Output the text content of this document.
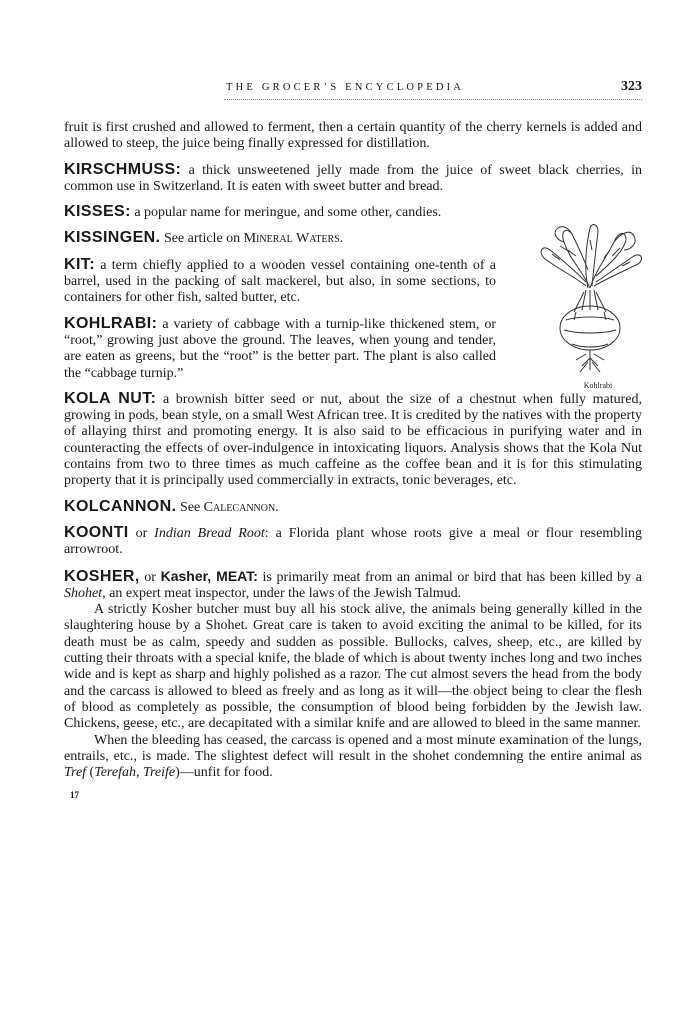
THE GROCER’S ENCYCLOPEDIA	323

fruit is first crushed and allowed to ferment, then a certain quantity of the cherry kernels is added and allowed to steep, the juice being finally expressed for distillation.

KIRSCHMUSS: a thick unsweetened jelly made from the juice of sweet black cherries, in common use in Switzerland. It is eaten with sweet butter and bread.

KISSES: a popular name for meringue, and some other, candies.

KISSINGEN. See article on Mineral Waters.

KIT: a term chiefly applied to a wooden vessel containing one-tenth of a barrel, used in the packing of salt mackerel, but also, in some sections, to containers for other fish, salted butter, etc.

KOHLRABI: a variety of cabbage with a turnip-like thickened stem, or “root,” growing just above the ground. The leaves, when young and tender, are eaten as greens, but the “root” is the better part. The plant is also called the “cabbage turnip.”

KOLA NUT: a brownish bitter seed or nut, about the size of a chestnut when fully matured, growing in pods, bean style, on a small West African tree. It is credited by the natives with the property of allaying thirst and promoting energy. It is also said to be efficacious in purifying water and in counteracting the effects of over-indulgence in intoxicating liquors. Analysis shows that the Kola Nut contains from two to three times as much caffeine as the coffee bean and it is for this stimulating property that it is principally used commercially in extracts, tonic beverages, etc.

KOLCANNON. See Calecannon.

KOONTI or Indian Bread Root: a Florida plant whose roots give a meal or flour resembling arrowroot.

KOSHER, or Kasher, MEAT: is primarily meat from an animal or bird that has been killed by a Shohet, an expert meat inspector, under the laws of the Jewish Talmud.

A strictly Kosher butcher must buy all his stock alive, the animals being generally killed in the slaughtering house by a Shohet. Great care is taken to avoid exciting the animal to be killed, for its death must be as calm, speedy and sudden as possible. Bullocks, calves, sheep, etc., are killed by cutting their throats with a special knife, the blade of which is about twenty inches long and two inches wide and is kept as sharp and highly polished as a razor. The cut almost severs the head from the body and the carcass is allowed to bleed as freely and as long as it will—the object being to clear the flesh of blood as completely as possible, the consumption of blood being forbidden by the Jewish law. Chickens, geese, etc., are decapitated with a similar knife and are allowed to bleed in the same manner.

When the bleeding has ceased, the carcass is opened and a most minute examination of the lungs, entrails, etc., is made. The slightest defect will result in the shohet condemning the entire animal as Tref (Terefah, Treife)—unfit for food.

17

Kohlrabi
